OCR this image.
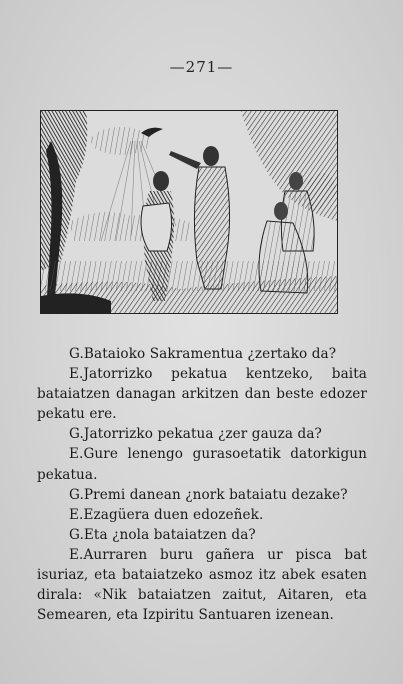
—271—

G.Bataioko Sakramentua ¿zertako da?

E.Jatorrizko pekatua kentzeko, baita bataiatzen danagan arkitzen dan beste edozer pekatu ere.

G.Jatorrizko pekatua ¿zer gauza da?

E.Gure lenengo gurasoetatik datorkigun pekatua.

G.Premi danean ¿nork bataiatu dezake?

E.Ezagüera duen edozeñek.

G.Eta ¿nola bataiatzen da?

E.Aurraren buru gañera ur pisca bat isuriaz, eta bataiatzeko asmoz itz abek esaten dirala: «Nik bataiatzen zaitut, Aitaren, eta Semearen, eta Izpiritu Santuaren izenean.
